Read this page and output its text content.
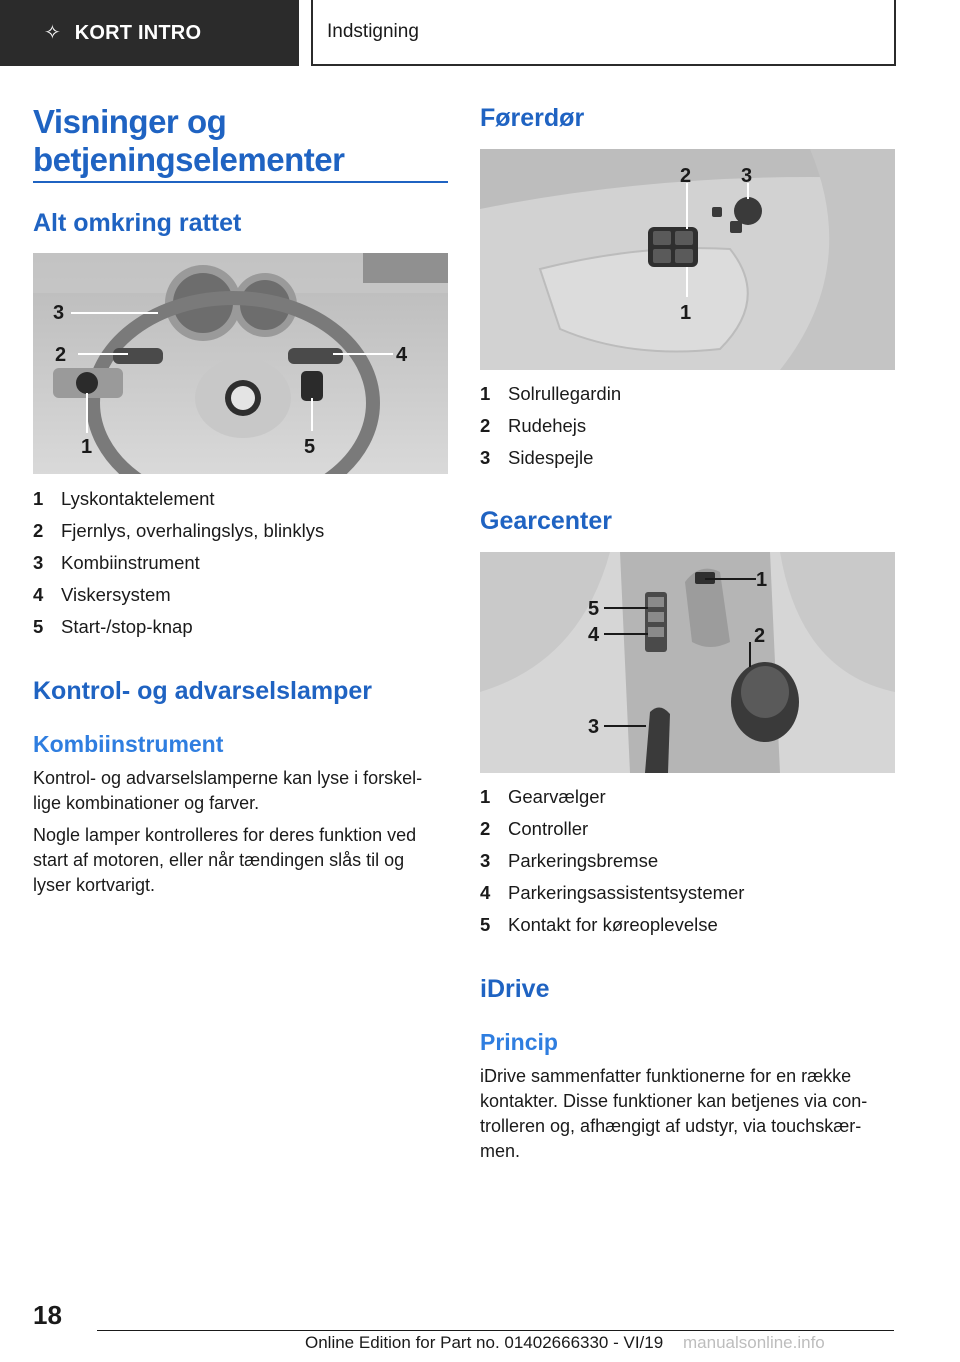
✧ KORT INTRO	Indstigning
Visninger og
betjeningselementer
Alt omkring rattet
3
2
1
4
5
1 Lyskontaktelement
2 Fjernlys, overhalingslys, blinklys
3 Kombiinstrument
4 Viskersystem
5 Start-/stop-knap
Kontrol- og advarselslamper
Kombiinstrument
Kontrol- og advarselslamperne kan lyse i forskel-
lige kombinationer og farver.
Nogle lamper kontrolleres for deres funktion ved
start af motoren, eller når tændingen slås til og
lyser kortvarigt.
Førerdør
2 3
1
1 Solrullegardin
2 Rudehejs
3 Sidespejle
Gearcenter
1
5
4	2
3
1 Gearvælger
2 Controller
3 Parkeringsbremse
4 Parkeringsassistentsystemer
5 Kontakt for køreoplevelse
iDrive
Princip
iDrive sammenfatter funktionerne for en række
kontakter. Disse funktioner kan betjenes via con-
trolleren og, afhængigt af udstyr, via touchskær-
men.
18
Online Edition for Part no. 01402666330 - VI/19 manualsonline.info
